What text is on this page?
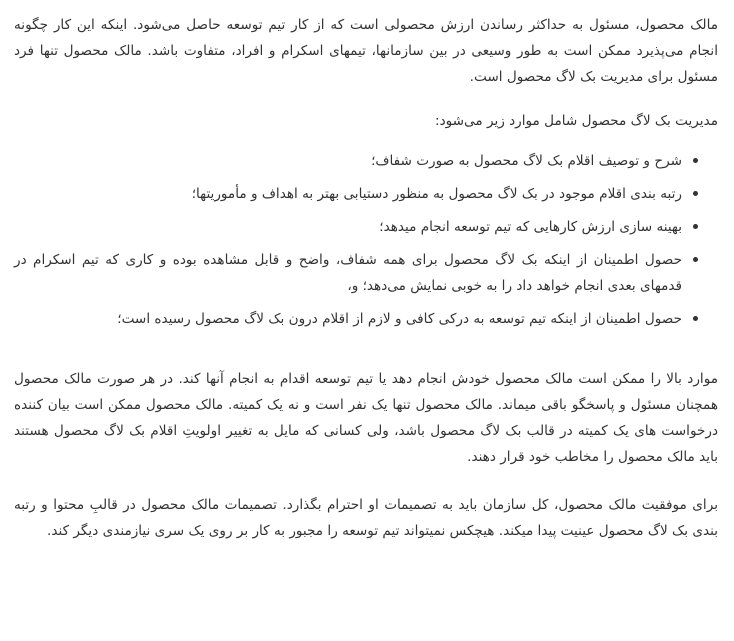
مالک محصول، مسئول به حداکثر رساندن ارزش محصولی است که از کار تیم توسعه حاصل می‌شود. اینکه این کار چگونه انجام می‌پذیرد ممکن است به طور وسیعی در بین سازمانها، تیمهای اسکرام و افراد، متفاوت باشد. مالک محصول تنها فرد مسئول برای مدیریت بک لاگ محصول است.

مدیریت بک لاگ محصول شامل موارد زیر می‌شود:

شرح و توصیف اقلام بک لاگ محصول به صورت شفاف؛
رتبه بندی اقلام موجود در بک لاگ محصول به منظور دستیابی بهتر به اهداف و مأموریتها؛
بهینه سازی ارزش کارهایی که تیم توسعه انجام میدهد؛
حصول اطمینان از اینکه بک لاگ محصول برای همه شفاف، واضح و قابل مشاهده بوده و کاری که تیم اسکرام در قدمهای بعدی انجام خواهد داد را به خوبی نمایش می‌دهد؛ و،
حصول اطمینان از اینکه تیم توسعه به درکی کافی و لازم از اقلام درون بک لاگ محصول رسیده است؛

موارد بالا را ممکن است مالک محصول خودش انجام دهد یا تیم توسعه اقدام به انجام آنها کند. در هر صورت مالک محصول همچنان مسئول و پاسخگو باقی میماند. مالک محصول تنها یک نفر است و نه یک کمیته. مالک محصول ممکن است بیان کننده درخواست های یک کمیته در قالب بک لاگ محصول باشد، ولی کسانی که مایل به تغییر اولویتِ اقلام بک لاگ محصول هستند باید مالک محصول را مخاطب خود قرار دهند.

برای موفقیت مالک محصول، کل سازمان باید به تصمیمات او احترام بگذارد. تصمیمات مالک محصول در قالبِ محتوا و رتبه بندی بک لاگ محصول عینیت پیدا میکند. هیچکس نمیتواند تیم توسعه را مجبور به کار بر روی یک سری نیازمندی دیگر کند.
